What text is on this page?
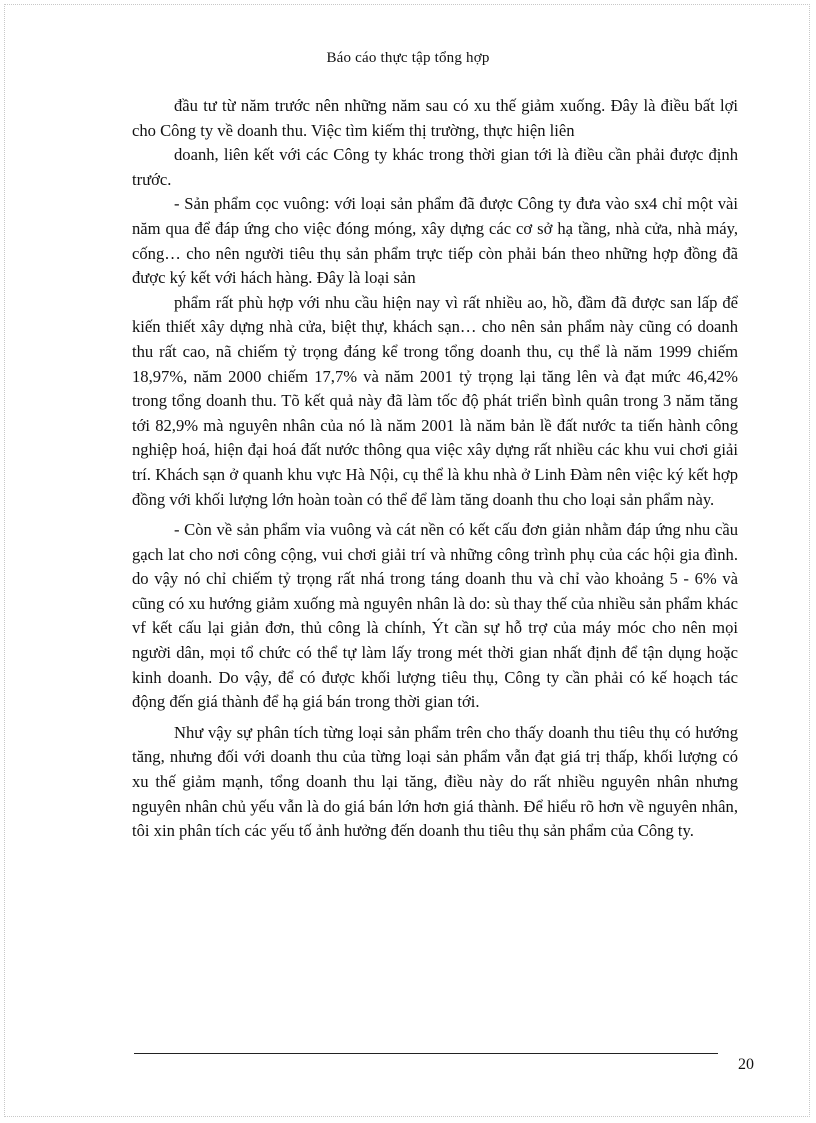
Báo cáo thực tập tổng hợp

đầu tư từ năm trước nên những năm sau có xu thế giảm xuống. Đây là điều bất lợi cho Công ty về doanh thu. Việc tìm kiếm thị trường, thực hiện liên

doanh, liên kết với các Công ty khác trong thời gian tới là điều cần phải được định trước.

- Sản phẩm cọc vuông: với loại sản phẩm đã được Công ty đưa vào sx4 chỉ một vài năm qua để đáp ứng cho việc đóng móng, xây dựng các cơ sở hạ tầng, nhà cửa, nhà máy, cống… cho nên người tiêu thụ sản phẩm trực tiếp còn phải bán theo những hợp đồng đã được ký kết với hách hàng. Đây là loại sản

phẩm rất phù hợp với nhu cầu hiện nay vì rất nhiều ao, hồ, đầm đã được san lấp để kiến thiết xây dựng nhà cửa, biệt thự, khách sạn… cho nên sản phẩm này cũng có doanh thu rất cao, nã chiếm tỷ trọng đáng kể trong tổng doanh thu, cụ thể là năm 1999 chiếm 18,97%, năm 2000 chiếm 17,7% và năm 2001 tỷ trọng lại tăng lên và đạt mức 46,42% trong tổng doanh thu. Tõ kết quả này đã làm tốc độ phát triển bình quân trong 3 năm tăng tới 82,9% mà nguyên nhân của nó là năm 2001 là năm bản lề đất nước ta tiến hành công nghiệp hoá, hiện đại hoá đất nước thông qua việc xây dựng rất nhiều các khu vui chơi giải trí. Khách sạn ở quanh khu vực Hà Nội, cụ thể là khu nhà ở Linh Đàm nên việc ký kết hợp đồng với khối lượng lớn hoàn toàn có thể để làm tăng doanh thu cho loại sản phẩm này.

- Còn về sản phẩm vỉa vuông và cát nền có kết cấu đơn giản nhằm đáp ứng nhu cầu gạch lat cho nơi công cộng, vui chơi giải trí và những công trình phụ của các hội gia đình. do vậy nó chỉ chiếm tỷ trọng rất nhá trong táng doanh thu và chỉ vào khoảng 5 - 6% và cũng có xu hướng giảm xuống mà nguyên nhân là do: sù thay thế của nhiều sản phẩm khác vf kết cấu lại giản đơn, thủ công là chính, Ýt cần sự hỗ trợ của máy móc cho nên mọi người dân, mọi tổ chức có thể tự làm lấy trong mét thời gian nhất định để tận dụng hoặc kinh doanh. Do vậy, để có được khối lượng tiêu thụ, Công ty cần phải có kế hoạch tác động đến giá thành để hạ giá bán trong thời gian tới.

Như vậy sự phân tích từng loại sản phẩm trên cho thấy doanh thu tiêu thụ có hướng tăng, nhưng đối với doanh thu của từng loại sản phẩm vẫn đạt giá trị thấp, khối lượng có xu thế giảm mạnh, tổng doanh thu lại tăng, điều này do rất nhiều nguyên nhân nhưng nguyên nhân chủ yếu vẫn là do giá bán lớn hơn giá thành. Để hiểu rõ hơn về nguyên nhân, tôi xin phân tích các yếu tố ảnh hưởng đến doanh thu tiêu thụ sản phẩm của Công ty.

20
